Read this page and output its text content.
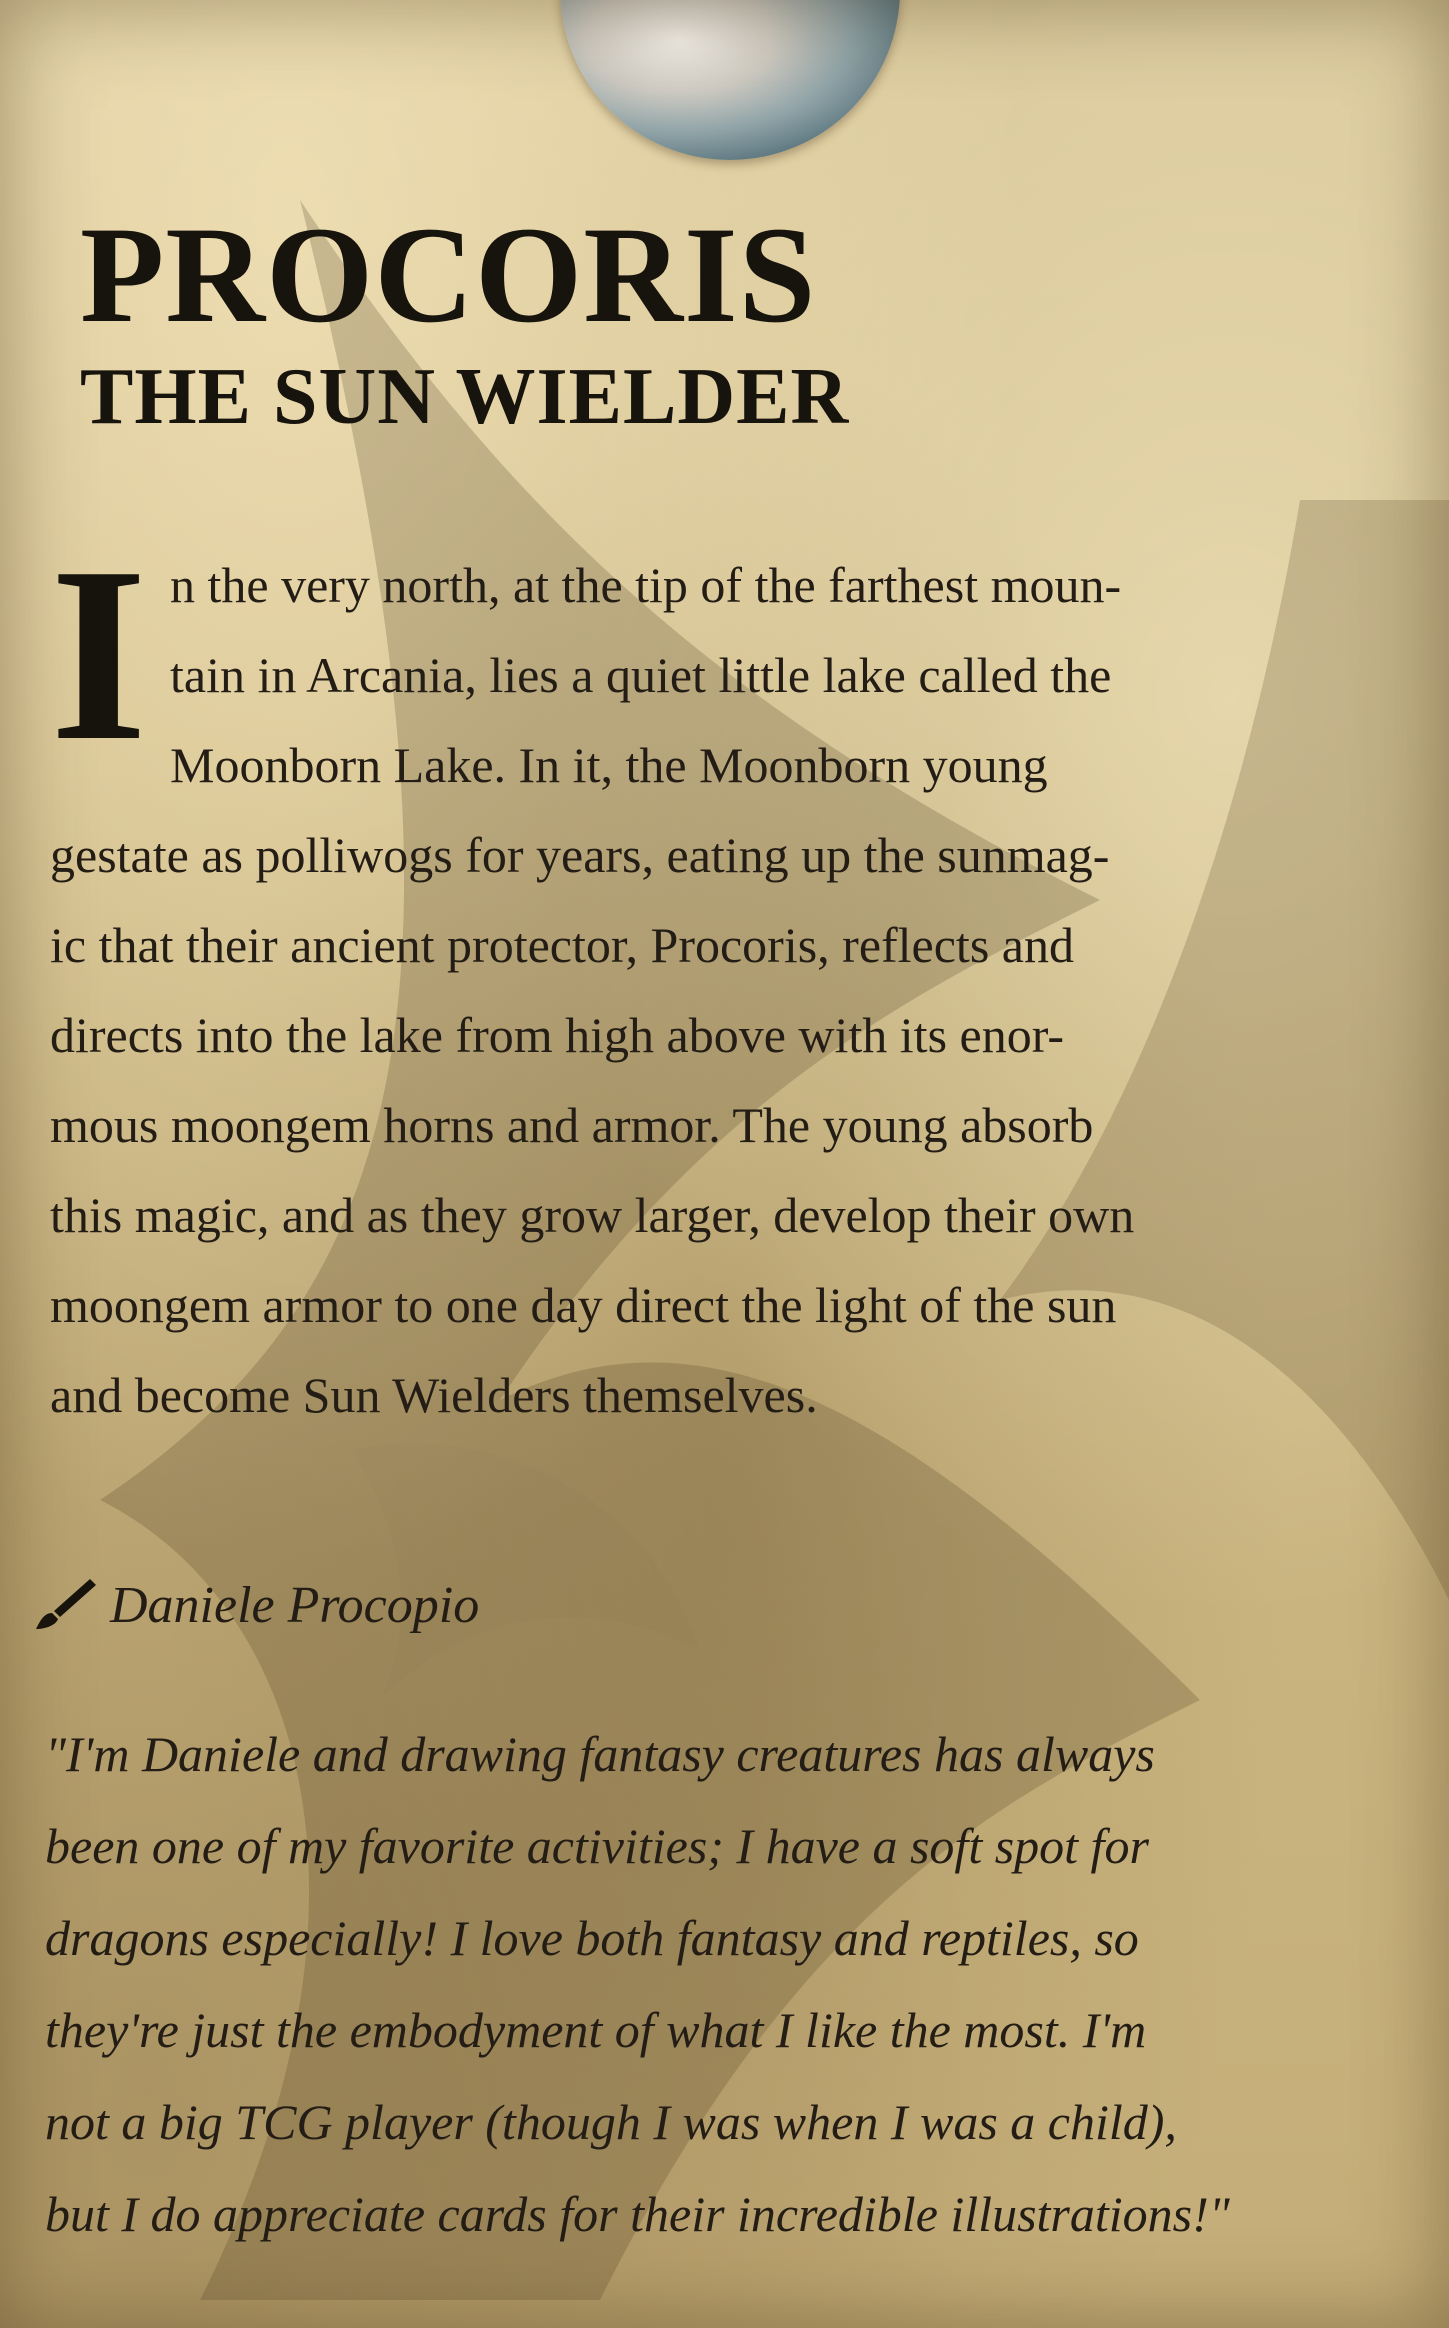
PROCORIS
THE SUN WIELDER
I n the very north, at the tip of the farthest moun-
tain in Arcania, lies a quiet little lake called the
Moonborn Lake. In it, the Moonborn young
gestate as polliwogs for years, eating up the sunmag-
ic that their ancient protector, Procoris, reflects and
directs into the lake from high above with its enor-
mous moongem horns and armor. The young absorb
this magic, and as they grow larger, develop their own
moongem armor to one day direct the light of the sun
and become Sun Wielders themselves.
Daniele Procopio
"I'm Daniele and drawing fantasy creatures has always
been one of my favorite activities; I have a soft spot for
dragons especially! I love both fantasy and reptiles, so
they're just the embodyment of what I like the most. I'm
not a big TCG player (though I was when I was a child),
but I do appreciate cards for their incredible illustrations!"
